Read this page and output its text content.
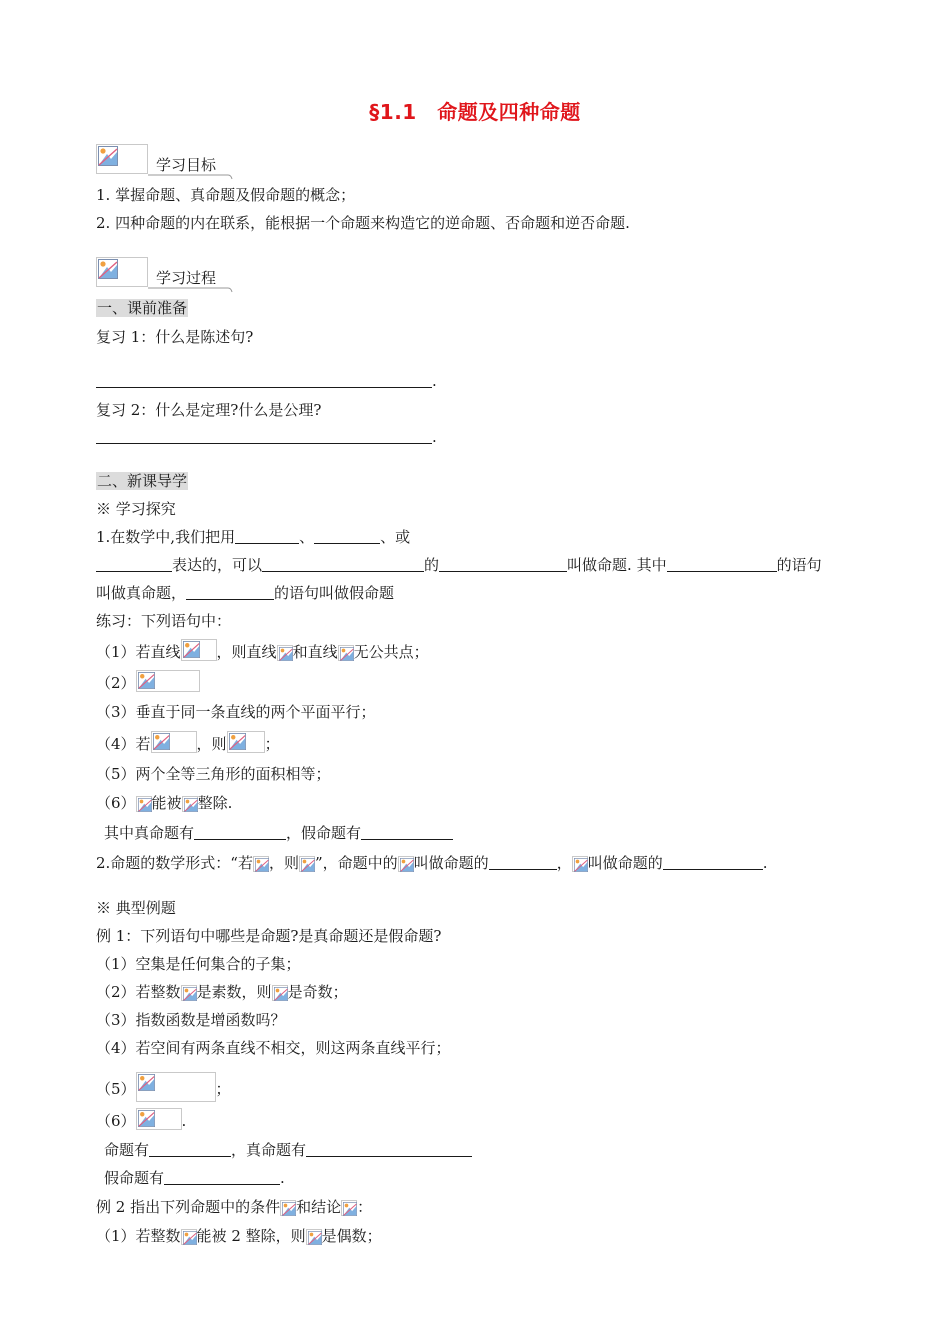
§1.1　命题及四种命题
学习目标
1. 掌握命题、真命题及假命题的概念；
2. 四种命题的内在联系，能根据一个命题来构造它的逆命题、否命题和逆否命题.
学习过程
一、课前准备
复习 1：什么是陈述句?
.
复习 2：什么是定理?什么是公理?
.
二、新课导学
※ 学习探究
1.在数学中,我们把用	、	、或
表达的，可以	的	叫做命题. 其中	的语句
叫做真命题，	的语句叫做假命题
练习：下列语句中：
（1）若直线 ，则直线 和直线 无公共点；
（2）
（3）垂直于同一条直线的两个平面平行；
（4）若	，则	；
（5）两个全等三角形的面积相等；
（6） 能被 整除.
其中真命题有	，假命题有
2.命题的数学形式：“若 ，则 ”，命题中的 叫做命题的	， 叫做命题的	.
※ 典型例题
例 1：下列语句中哪些是命题?是真命题还是假命题?
（1）空集是任何集合的子集；
（2）若整数 是素数，则 是奇数；
（3）指数函数是增函数吗？
（4）若空间有两条直线不相交，则这两条直线平行；
（5）	；
（6）	.
命题有	，真命题有
假命题有	.
例 2 指出下列命题中的条件 和结论 ：
（1）若整数 能被 2 整除，则 是偶数；
